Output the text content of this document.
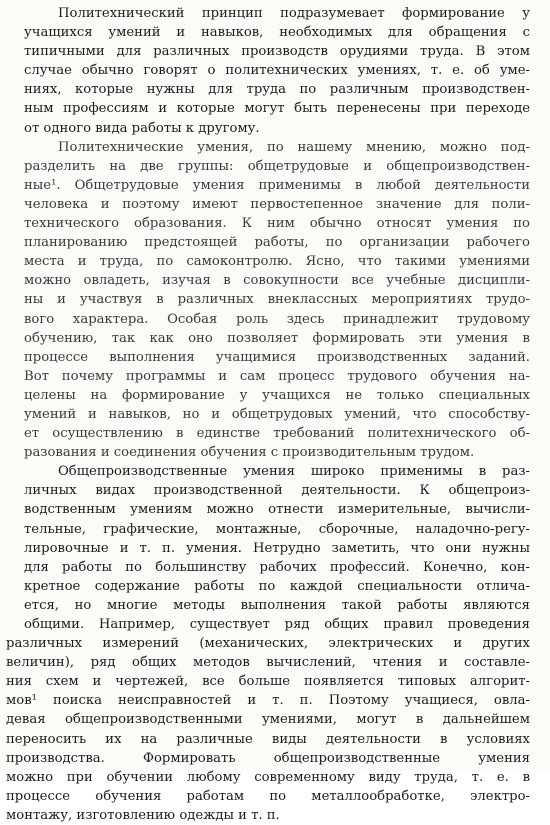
Политехнический принцип подразумевает формирование у
учащихся умений и навыков, необходимых для обращения с
типичными для различных производств орудиями труда. В этом
случае обычно говорят о политехнических умениях, т. е. об уме-
ниях, которые нужны для труда по различным производствен-
ным профессиям и которые могут быть перенесены при переходе
от одного вида работы к другому.
Политехнические умения, по нашему мнению, можно под-
разделить на две группы: общетрудовые и общепроизводствен-
ные¹. Общетрудовые умения применимы в любой деятельности
человека и поэтому имеют первостепенное значение для поли-
технического образования. К ним обычно относят умения по
планированию предстоящей работы, по организации рабочего
места и труда, по самоконтролю. Ясно, что такими умениями
можно овладеть, изучая в совокупности все учебные дисципли-
ны и участвуя в различных внеклассных мероприятиях трудо-
вого характера. Особая роль здесь принадлежит трудовому
обучению, так как оно позволяет формировать эти умения в
процессе выполнения учащимися производственных заданий.
Вот почему программы и сам процесс трудового обучения на-
целены на формирование у учащихся не только специальных
умений и навыков, но и общетрудовых умений, что способству-
ет осуществлению в единстве требований политехнического об-
разования и соединения обучения с производительным трудом.
Общепроизводственные умения широко применимы в раз-
личных видах производственной деятельности. К общепроиз-
водственным умениям можно отнести измерительные, вычисли-
тельные, графические, монтажные, сборочные, наладочно-регу-
лировочные и т. п. умения. Нетрудно заметить, что они нужны
для работы по большинству рабочих профессий. Конечно, кон-
кретное содержание работы по каждой специальности отлича-
ется, но многие методы выполнения такой работы являются
общими. Например, существует ряд общих правил проведения
различных измерений (механических, электрических и других
величин), ряд общих методов вычислений, чтения и составле-
ния схем и чертежей, все больше появляется типовых алгорит-
мов¹ поиска неисправностей и т. п. Поэтому учащиеся, овла-
девая общепроизводственными умениями, могут в дальнейшем
переносить их на различные виды деятельности в условиях
производства. Формировать общепроизводственные умения
можно при обучении любому современному виду труда, т. е. в
процессе обучения работам по металлообработке, электро-
монтажу, изготовлению одежды и т. п.
